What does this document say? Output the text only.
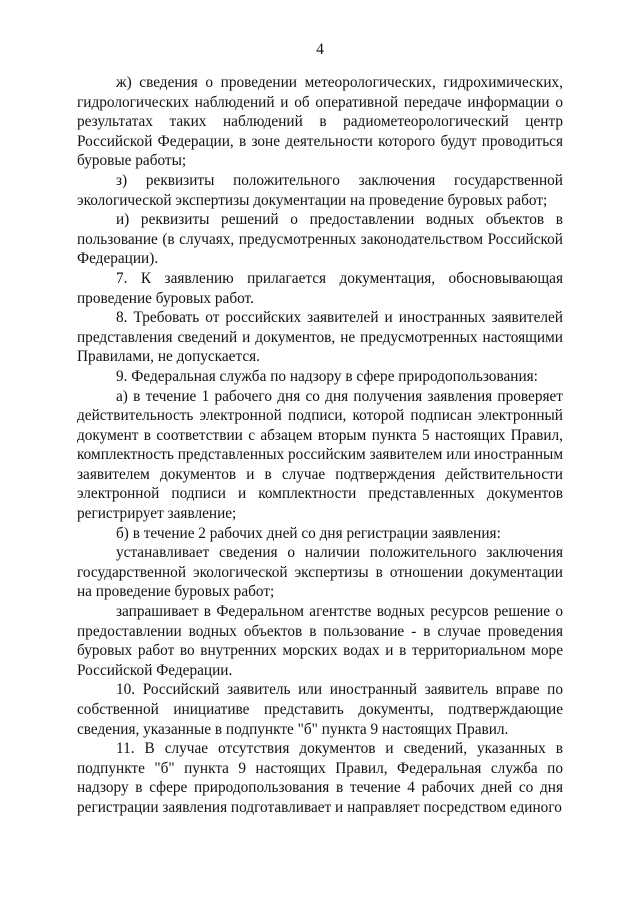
4

ж) сведения о проведении метеорологических, гидрохимических, гидрологических наблюдений и об оперативной передаче информации о результатах таких наблюдений в радиометеорологический центр Российской Федерации, в зоне деятельности которого будут проводиться буровые работы;

з) реквизиты положительного заключения государственной экологической экспертизы документации на проведение буровых работ;

и) реквизиты решений о предоставлении водных объектов в пользование (в случаях, предусмотренных законодательством Российской Федерации).

7. К заявлению прилагается документация, обосновывающая проведение буровых работ.

8. Требовать от российских заявителей и иностранных заявителей представления сведений и документов, не предусмотренных настоящими Правилами, не допускается.

9. Федеральная служба по надзору в сфере природопользования:

а) в течение 1 рабочего дня со дня получения заявления проверяет действительность электронной подписи, которой подписан электронный документ в соответствии с абзацем вторым пункта 5 настоящих Правил, комплектность представленных российским заявителем или иностранным заявителем документов и в случае подтверждения действительности электронной подписи и комплектности представленных документов регистрирует заявление;

б) в течение 2 рабочих дней со дня регистрации заявления:

устанавливает сведения о наличии положительного заключения государственной экологической экспертизы в отношении документации на проведение буровых работ;

запрашивает в Федеральном агентстве водных ресурсов решение о предоставлении водных объектов в пользование - в случае проведения буровых работ во внутренних морских водах и в территориальном море Российской Федерации.

10. Российский заявитель или иностранный заявитель вправе по собственной инициативе представить документы, подтверждающие сведения, указанные в подпункте "б" пункта 9 настоящих Правил.

11. В случае отсутствия документов и сведений, указанных в подпункте "б" пункта 9 настоящих Правил, Федеральная служба по надзору в сфере природопользования в течение 4 рабочих дней со дня регистрации заявления подготавливает и направляет посредством единого
